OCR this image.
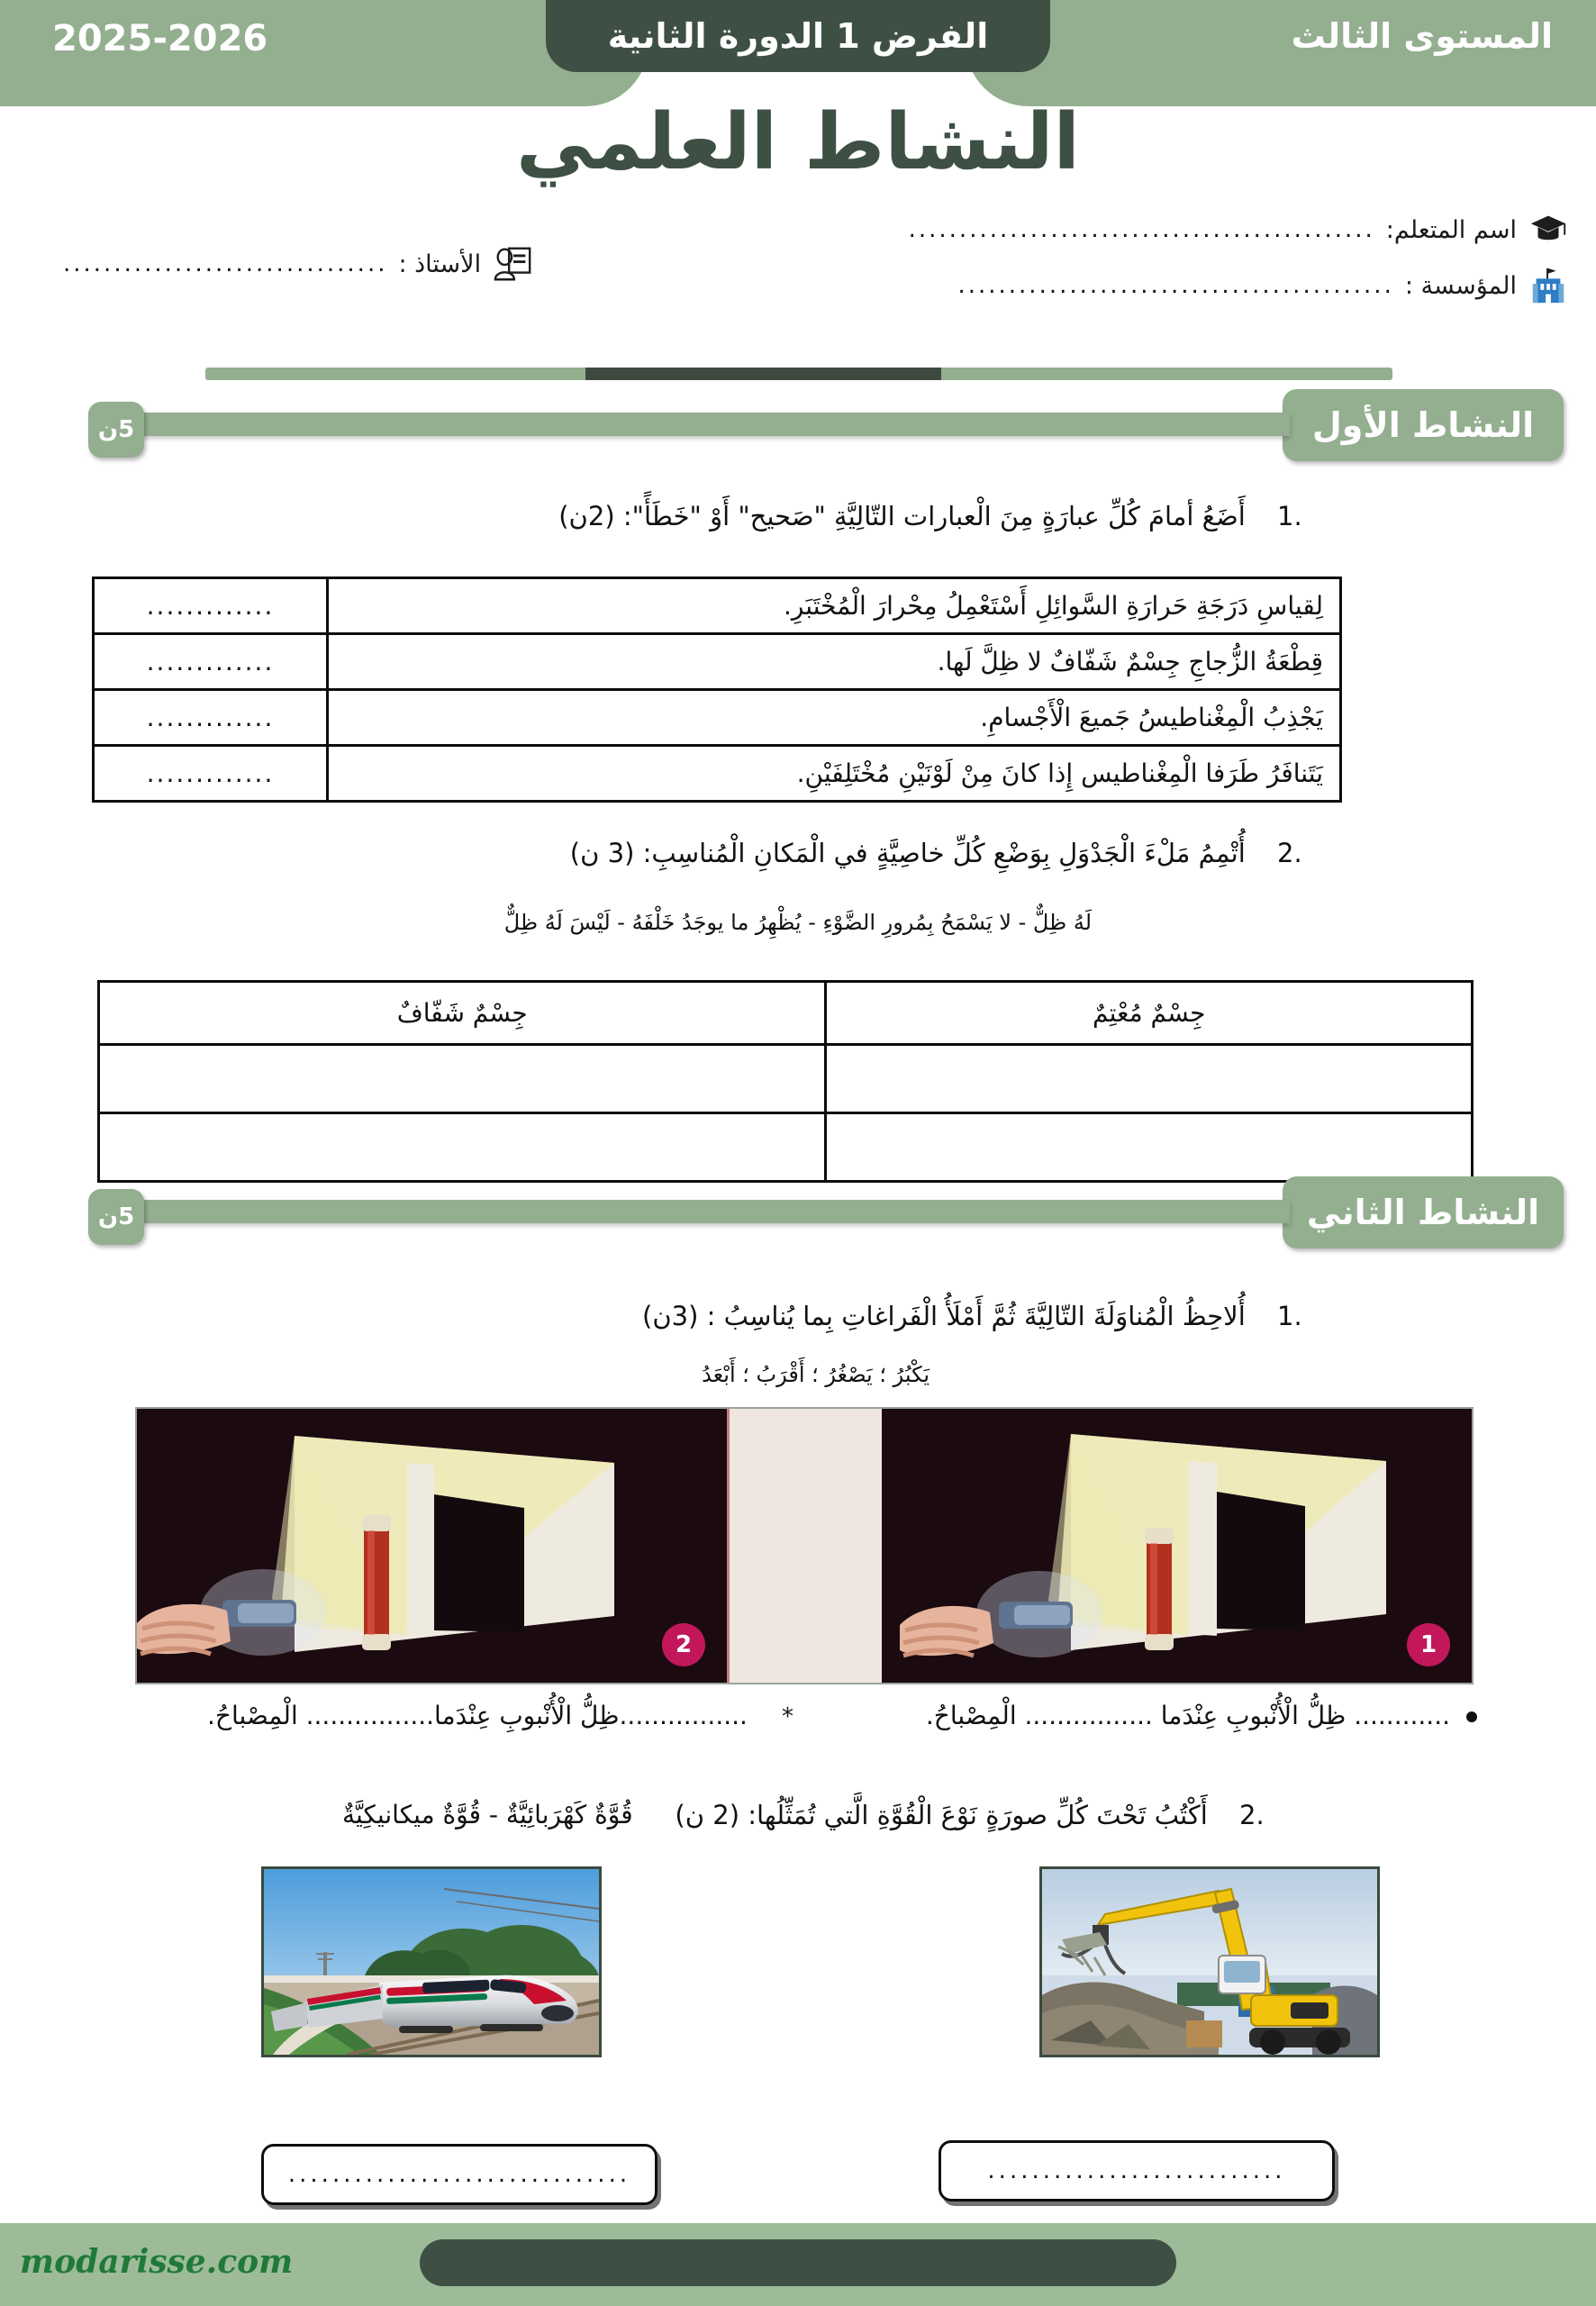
الفرض 1 الدورة الثانية	المستوى الثالث
2025-2026
النشاط العلمي
اسم المتعلم:
..............................................
المؤسسة :
...........................................
الأستاذ :
................................
النشاط الأول
5ن
1. أَضَعُ أمامَ كُلِّ عبارَةٍ مِنَ الْعبارات التّالِيَّةِ "صَحيح" أَوْ "خَطَأً": (2ن)
لِقياسِ دَرَجَةِ حَرارَةِ السَّوائِلِ أَسْتَعْمِلُ مِحْرارَ الْمُخْتَبَرِ.	.............
قِطْعَةُ الزُّجاجِ جِسْمٌ شَفّافٌ لا ظِلَّ لَها.	.............
يَجْذِبُ الْمِغْناطيسُ جَميعَ الْأَجْسامِ.	.............
يَتَنافَرُ طَرَفا الْمِغْناطيس إِذا كانَ مِنْ لَوْنَيْنِ مُخْتَلِفَيْنِ.	.............
2. أُتْمِمُ مَلْءَ الْجَدْوَلِ بِوَضْعِ كُلِّ خاصِيَّةٍ في الْمَكانِ الْمُناسِبِ: (3 ن)
لَهُ ظِلٌّ - لا يَسْمَحُ بِمُرورِ الضَّوْءِ - يُظْهِرُ ما يوجَدُ خَلْفَهُ - لَيْسَ لَهُ ظِلٌّ
جِسْمٌ مُعْتِمٌ	جِسْمٌ شَفّافٌ

النشاط الثاني
5ن
1. أُلاحِظُ الْمُناوَلَةَ التّالِيَّةَ ثُمَّ أَمْلَأُ الْفَراغاتِ بِما يُناسِبُ : (3ن)
يَكْبُرُ ؛ يَصْغُرُ ؛ أَقْرَبُ ؛ أَبْعَدُ
2	1
............ ظِلُّ الْأُنْبوبِ عِنْدَما ................ الْمِصْباحُ.
*
................ظِلُّ الْأُنْبوبِ عِنْدَما................ الْمِصْباحُ.
2. أَكْتُبُ تَحْتَ كُلِّ صورَةٍ نَوْعَ الْقُوَّةِ الَّتي تُمَثِّلُها: (2 ن)
قُوَّةٌ كَهْرَبائِيَّةٌ - قُوَّةٌ ميكانيكِيَّةٌ
...........................
...............................
modarisse.com
